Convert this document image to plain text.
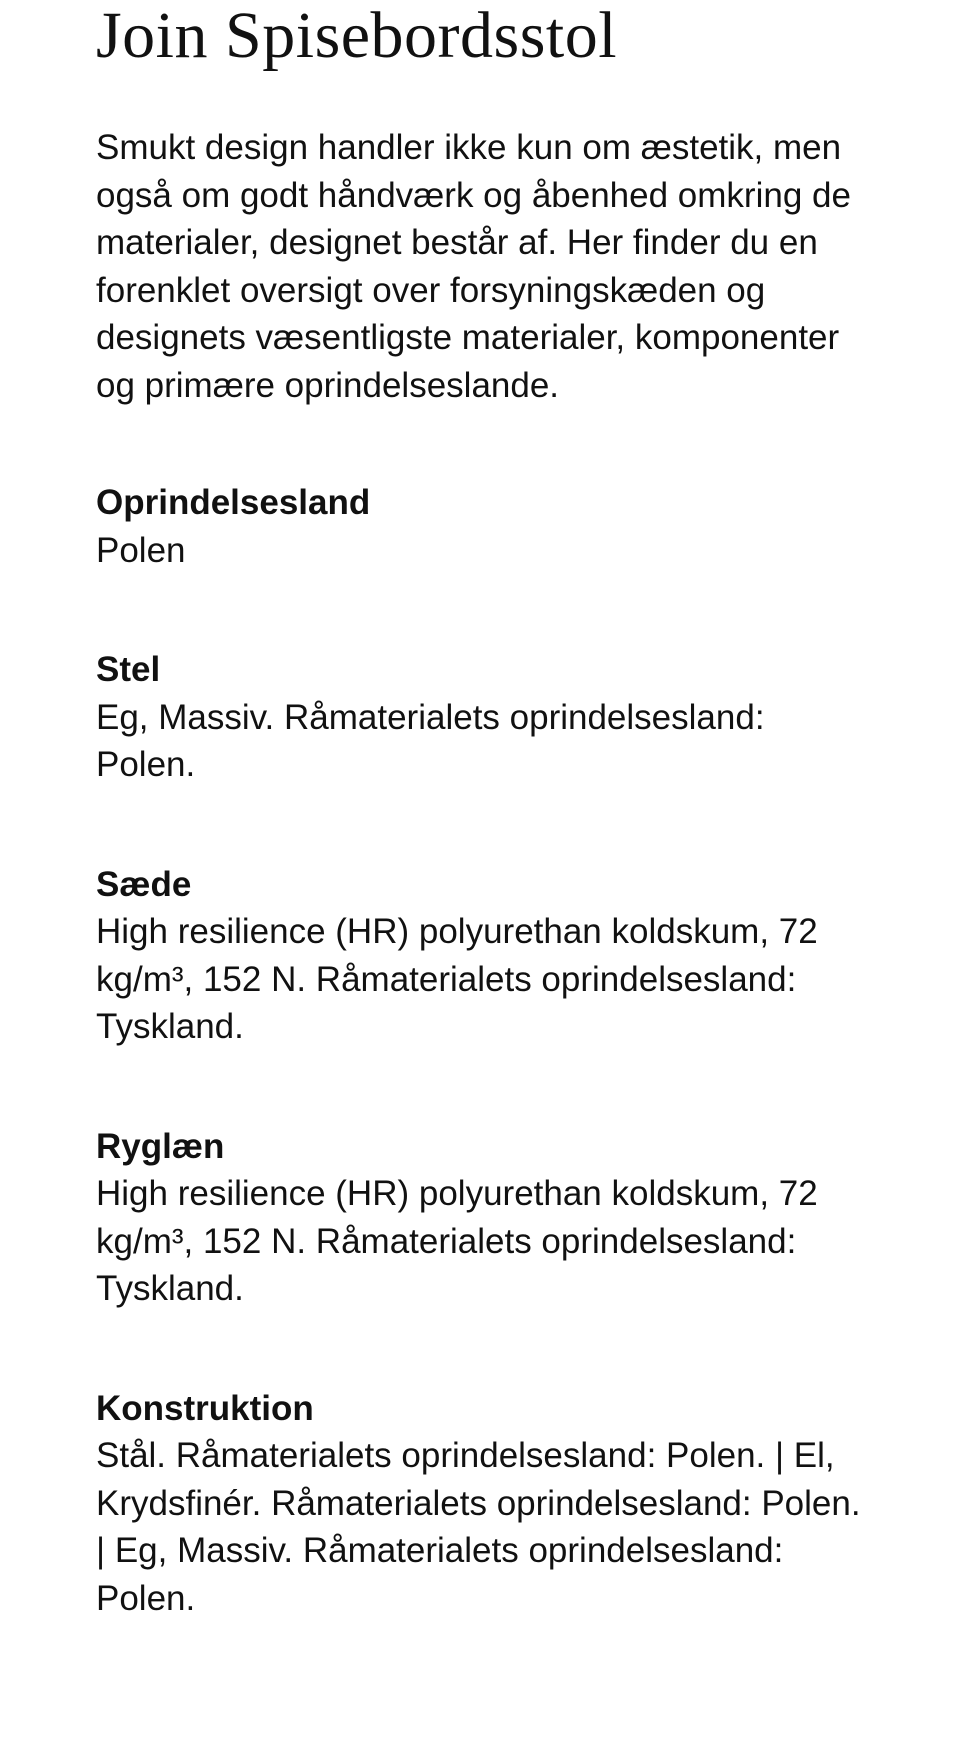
Join Spisebordsstol

Smukt design handler ikke kun om æstetik, men også om godt håndværk og åbenhed omkring de materialer, designet består af. Her finder du en forenklet oversigt over forsyningskæden og designets væsentligste materialer, komponenter og primære oprindelseslande.

Oprindelsesland

Polen

Stel

Eg, Massiv. Råmaterialets oprindelsesland: Polen.

Sæde

High resilience (HR) polyurethan koldskum, 72 kg/m³, 152 N. Råmaterialets oprindelsesland: Tyskland.

Ryglæn

High resilience (HR) polyurethan koldskum, 72 kg/m³, 152 N. Råmaterialets oprindelsesland: Tyskland.

Konstruktion

Stål. Råmaterialets oprindelsesland: Polen. | El, Krydsfinér. Råmaterialets oprindelsesland: Polen. | Eg, Massiv. Råmaterialets oprindelsesland: Polen.
